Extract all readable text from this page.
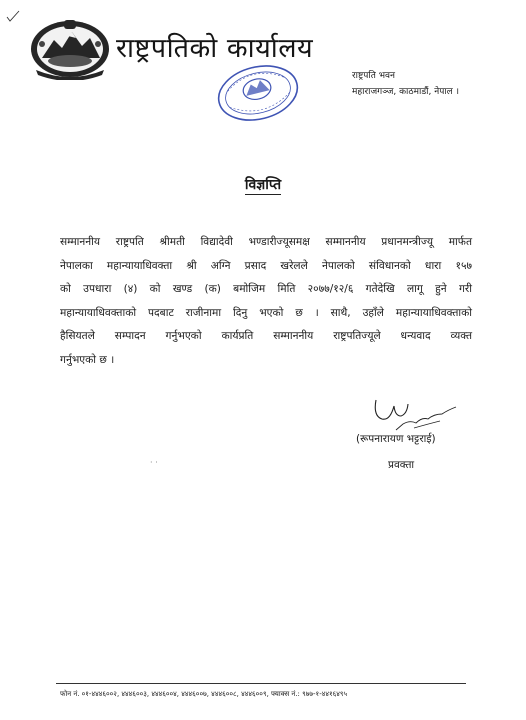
राष्ट्रपतिको कार्यालय
राष्ट्रपति भवन
महाराजगञ्ज, काठमाडौं, नेपाल ।
विज्ञप्ति
सम्माननीय राष्ट्रपति श्रीमती विद्यादेवी भण्डारीज्यूसमक्ष सम्माननीय प्रधानमन्त्रीज्यू मार्फत
नेपालका महान्यायाधिवक्ता श्री अग्नि प्रसाद खरेलले नेपालको संविधानको धारा १५७
को उपधारा (४) को खण्ड (क) बमोजिम मिति २०७७/१२/६ गतेदेखि लागू हुने गरी
महान्यायाधिवक्ताको पदबाट राजीनामा दिनु भएको छ । साथै, उहाँले महान्यायाधिवक्ताको
हैसियतले सम्पादन गर्नुभएको कार्यप्रति सम्माननीय राष्ट्रपतिज्यूले धन्यवाद व्यक्त
गर्नुभएको छ ।
(रूपनारायण भट्टराई)
प्रवक्ता
· ·
फोन नं. ०१-४४४६००२, ४४४६००३, ४४४६००४, ४४४६००७, ४४४६००८, ४४४६००९, फ्याक्स नं.: ९७७-१-४४१६४९५
